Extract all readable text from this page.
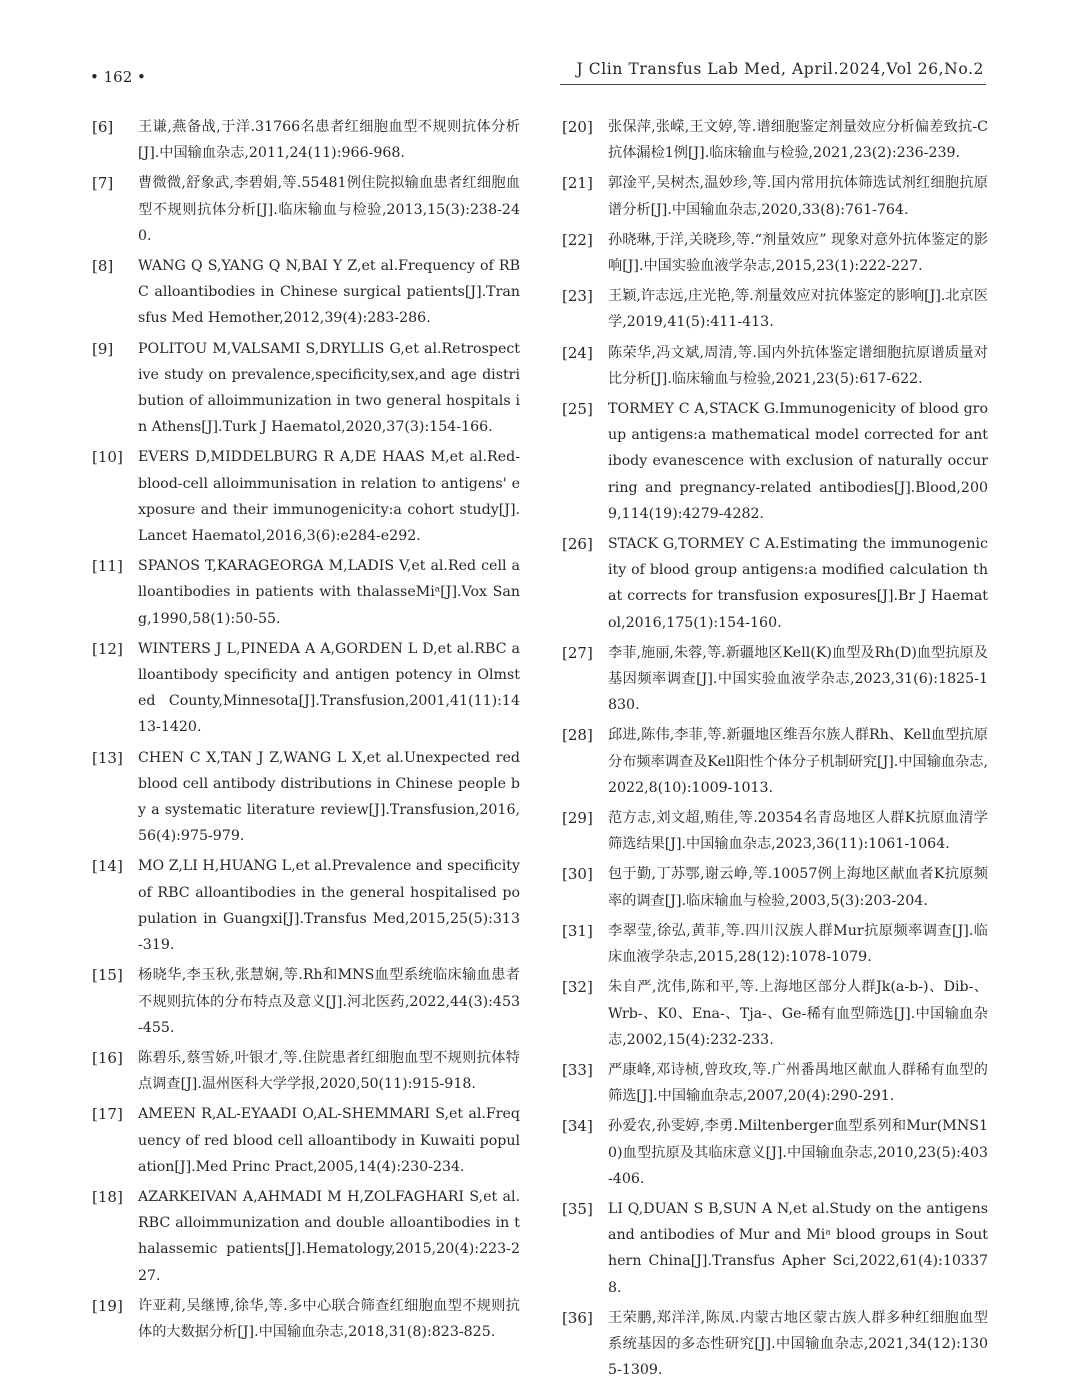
• 162 •	J Clin Transfus Lab Med, April.2024,Vol 26,No.2
[6]	王谦,燕备战,于洋.31766名患者红细胞血型不规则抗体分析[J].中国输血杂志,2011,24(11):966-968.
[7]	曹微微,舒象武,李碧娟,等.55481例住院拟输血患者红细胞血型不规则抗体分析[J].临床输血与检验,2013,15(3):238-240.
[8]	WANG Q S,YANG Q N,BAI Y Z,et al.Frequency of RBC alloantibodies in Chinese surgical patients[J].Transfus Med Hemother,2012,39(4):283-286.
[9]	POLITOU M,VALSAMI S,DRYLLIS G,et al.Retrospective study on prevalence,specificity,sex,and age distribution of alloimmunization in two general hospitals in Athens[J].Turk J Haematol,2020,37(3):154-166.
[10]	EVERS D,MIDDELBURG R A,DE HAAS M,et al.Red-blood-cell alloimmunisation in relation to antigens' exposure and their immunogenicity:a cohort study[J].Lancet Haematol,2016,3(6):e284-e292.
[11]	SPANOS T,KARAGEORGA M,LADIS V,et al.Red cell alloantibodies in patients with thalasseMiᵃ[J].Vox Sang,1990,58(1):50-55.
[12]	WINTERS J L,PINEDA A A,GORDEN L D,et al.RBC alloantibody specificity and antigen potency in Olmsted County,Minnesota[J].Transfusion,2001,41(11):1413-1420.
[13]	CHEN C X,TAN J Z,WANG L X,et al.Unexpected red blood cell antibody distributions in Chinese people by a systematic literature review[J].Transfusion,2016,56(4):975-979.
[14]	MO Z,LI H,HUANG L,et al.Prevalence and specificity of RBC alloantibodies in the general hospitalised population in Guangxi[J].Transfus Med,2015,25(5):313-319.
[15]	杨晓华,李玉秋,张慧娴,等.Rh和MNS血型系统临床输血患者不规则抗体的分布特点及意义[J].河北医药,2022,44(3):453-455.
[16]	陈碧乐,蔡雪娇,叶银才,等.住院患者红细胞血型不规则抗体特点调查[J].温州医科大学学报,2020,50(11):915-918.
[17]	AMEEN R,AL-EYAADI O,AL-SHEMMARI S,et al.Frequency of red blood cell alloantibody in Kuwaiti population[J].Med Princ Pract,2005,14(4):230-234.
[18]	AZARKEIVAN A,AHMADI M H,ZOLFAGHARI S,et al.RBC alloimmunization and double alloantibodies in thalassemic patients[J].Hematology,2015,20(4):223-227.
[19]	许亚莉,吴继博,徐华,等.多中心联合筛查红细胞血型不规则抗体的大数据分析[J].中国输血杂志,2018,31(8):823-825.
[20]	张保萍,张嵘,王文婷,等.谱细胞鉴定剂量效应分析偏差致抗-C抗体漏检1例[J].临床输血与检验,2021,23(2):236-239.
[21]	郭淦平,吴树杰,温妙珍,等.国内常用抗体筛选试剂红细胞抗原谱分析[J].中国输血杂志,2020,33(8):761-764.
[22]	孙晓琳,于洋,关晓珍,等.“剂量效应” 现象对意外抗体鉴定的影响[J].中国实验血液学杂志,2015,23(1):222-227.
[23]	王颖,许志远,庄光艳,等.剂量效应对抗体鉴定的影响[J].北京医学,2019,41(5):411-413.
[24]	陈荣华,冯文斌,周清,等.国内外抗体鉴定谱细胞抗原谱质量对比分析[J].临床输血与检验,2021,23(5):617-622.
[25]	TORMEY C A,STACK G.Immunogenicity of blood group antigens:a mathematical model corrected for antibody evanescence with exclusion of naturally occurring and pregnancy-related antibodies[J].Blood,2009,114(19):4279-4282.
[26]	STACK G,TORMEY C A.Estimating the immunogenicity of blood group antigens:a modified calculation that corrects for transfusion exposures[J].Br J Haematol,2016,175(1):154-160.
[27]	李菲,施丽,朱蓉,等.新疆地区Kell(K)血型及Rh(D)血型抗原及基因频率调查[J].中国实验血液学杂志,2023,31(6):1825-1830.
[28]	邱进,陈伟,李菲,等.新疆地区维吾尔族人群Rh、Kell血型抗原分布频率调查及Kell阳性个体分子机制研究[J].中国输血杂志,2022,8(10):1009-1013.
[29]	范方志,刘文超,贿佳,等.20354名青岛地区人群K抗原血清学筛选结果[J].中国输血杂志,2023,36(11):1061-1064.
[30]	包于勤,丁苏鄂,谢云峥,等.10057例上海地区献血者K抗原频率的调查[J].临床输血与检验,2003,5(3):203-204.
[31]	李翠莹,徐弘,黄菲,等.四川汉族人群Mur抗原频率调查[J].临床血液学杂志,2015,28(12):1078-1079.
[32]	朱自严,沈伟,陈和平,等.上海地区部分人群Jk(a-b-)、Dib-、Wrb-、K0、Ena-、Tja-、Ge-稀有血型筛选[J].中国输血杂志,2002,15(4):232-233.
[33]	严康峰,邓诗桢,曾玫玫,等.广州番禺地区献血人群稀有血型的筛选[J].中国输血杂志,2007,20(4):290-291.
[34]	孙爱农,孙雯婷,李勇.Miltenberger血型系列和Mur(MNS10)血型抗原及其临床意义[J].中国输血杂志,2010,23(5):403-406.
[35]	LI Q,DUAN S B,SUN A N,et al.Study on the antigens and antibodies of Mur and Miᵃ blood groups in Southern China[J].Transfus Apher Sci,2022,61(4):103378.
[36]	王荣鹏,郑洋洋,陈凤.内蒙古地区蒙古族人群多种红细胞血型系统基因的多态性研究[J].中国输血杂志,2021,34(12):1305-1309.
